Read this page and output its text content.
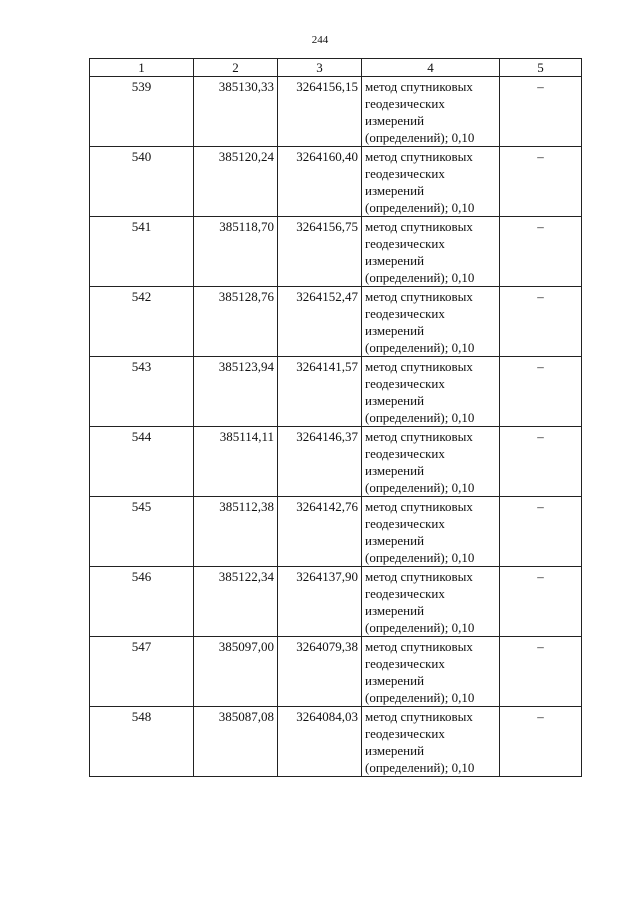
244
1	2	3	4	5
539	385130,33	3264156,15	метод спутниковых геодезических измерений (определений); 0,10	–
540	385120,24	3264160,40	метод спутниковых геодезических измерений (определений); 0,10	–
541	385118,70	3264156,75	метод спутниковых геодезических измерений (определений); 0,10	–
542	385128,76	3264152,47	метод спутниковых геодезических измерений (определений); 0,10	–
543	385123,94	3264141,57	метод спутниковых геодезических измерений (определений); 0,10	–
544	385114,11	3264146,37	метод спутниковых геодезических измерений (определений); 0,10	–
545	385112,38	3264142,76	метод спутниковых геодезических измерений (определений); 0,10	–
546	385122,34	3264137,90	метод спутниковых геодезических измерений (определений); 0,10	–
547	385097,00	3264079,38	метод спутниковых геодезических измерений (определений); 0,10	–
548	385087,08	3264084,03	метод спутниковых геодезических измерений (определений); 0,10	–
